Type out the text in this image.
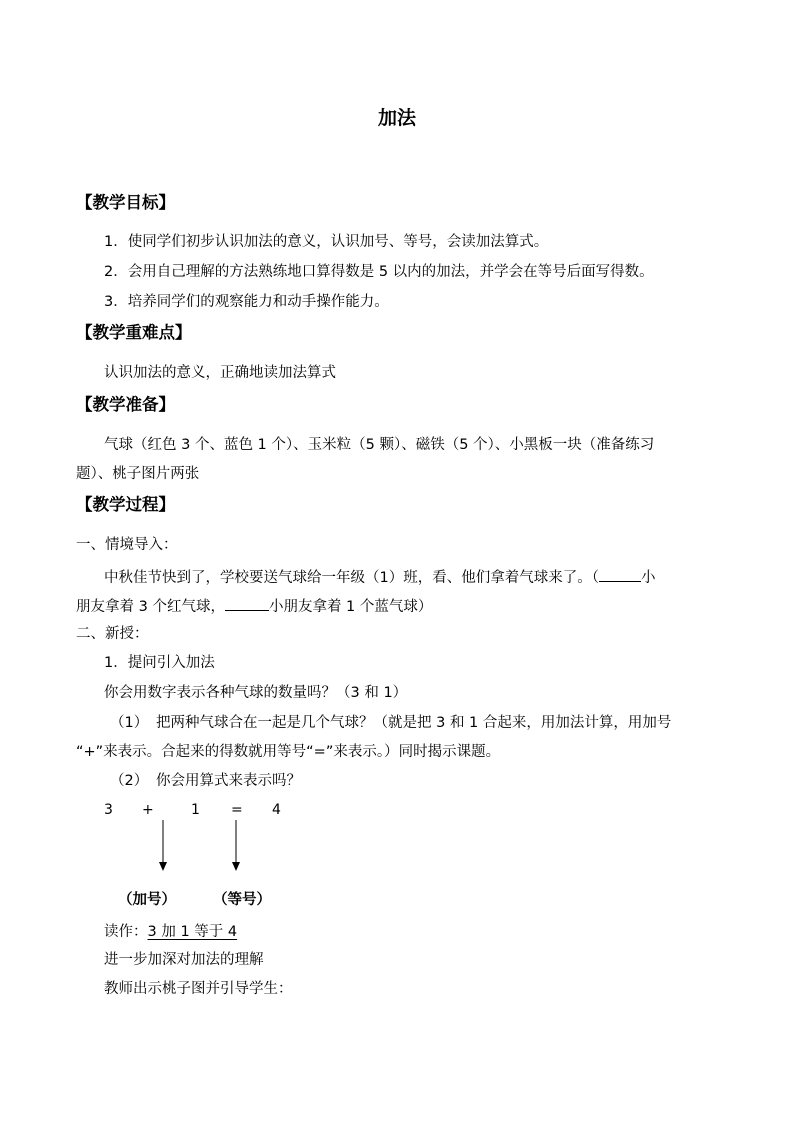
加法
【教学目标】
1．使同学们初步认识加法的意义，认识加号、等号，会读加法算式。
2．会用自己理解的方法熟练地口算得数是 5 以内的加法，并学会在等号后面写得数。
3．培养同学们的观察能力和动手操作能力。
【教学重难点】
认识加法的意义，正确地读加法算式
【教学准备】
气球（红色 3 个、蓝色 1 个）、玉米粒（5 颗）、磁铁（5 个）、小黑板一块（准备练习
题）、桃子图片两张
【教学过程】
一、情境导入：
中秋佳节快到了，学校要送气球给一年级（1）班，看、他们拿着气球来了。（	小
朋友拿着 3 个红气球，	小朋友拿着 1 个蓝气球）
二、新授：
1．提问引入加法
你会用数字表示各种气球的数量吗？（3 和 1）
（1） 把两种气球合在一起是几个气球？（就是把 3 和 1 合起来，用加法计算，用加号
“+”来表示。合起来的得数就用等号“=”来表示。）同时揭示课题。
（2） 你会用算式来表示吗？
3 +	1 = 4
（加号）	（等号）
读作：3 加 1 等于 4
进一步加深对加法的理解
教师出示桃子图并引导学生：
